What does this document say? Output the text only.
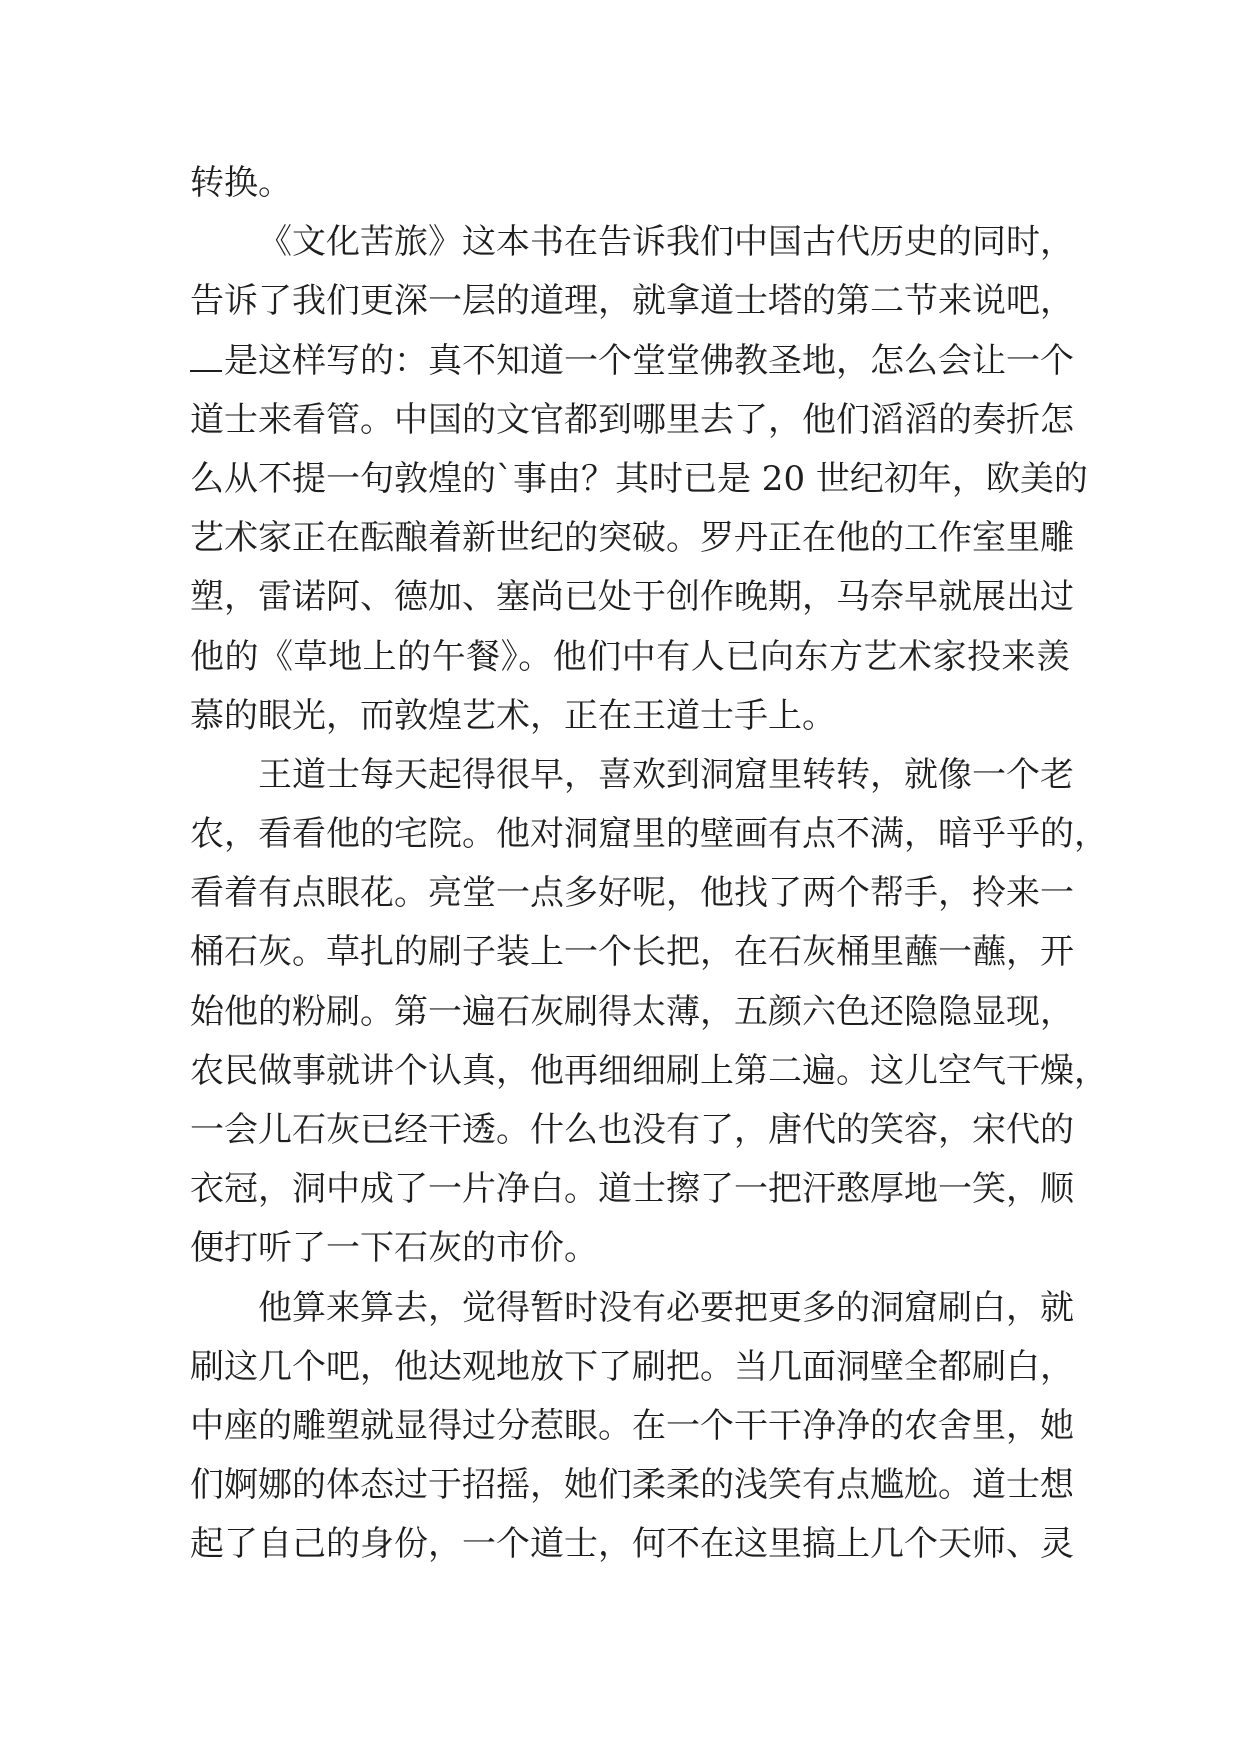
转换。
《文化苦旅》这本书在告诉我们中国古代历史的同时，
告诉了我们更深一层的道理，就拿道士塔的第二节来说吧，
是这样写的：真不知道一个堂堂佛教圣地，怎么会让一个
道士来看管。中国的文官都到哪里去了，他们滔滔的奏折怎
么从不提一句敦煌的`事由？其时已是 20 世纪初年，欧美的
艺术家正在酝酿着新世纪的突破。罗丹正在他的工作室里雕
塑，雷诺阿、德加、塞尚已处于创作晚期，马奈早就展出过
他的《草地上的午餐》。他们中有人已向东方艺术家投来羡
慕的眼光，而敦煌艺术，正在王道士手上。
王道士每天起得很早，喜欢到洞窟里转转，就像一个老
农，看看他的宅院。他对洞窟里的壁画有点不满，暗乎乎的，
看着有点眼花。亮堂一点多好呢，他找了两个帮手，拎来一
桶石灰。草扎的刷子装上一个长把，在石灰桶里蘸一蘸，开
始他的粉刷。第一遍石灰刷得太薄，五颜六色还隐隐显现，
农民做事就讲个认真，他再细细刷上第二遍。这儿空气干燥，
一会儿石灰已经干透。什么也没有了，唐代的笑容，宋代的
衣冠，洞中成了一片净白。道士擦了一把汗憨厚地一笑，顺
便打听了一下石灰的市价。
他算来算去，觉得暂时没有必要把更多的洞窟刷白，就
刷这几个吧，他达观地放下了刷把。当几面洞壁全都刷白，
中座的雕塑就显得过分惹眼。在一个干干净净的农舍里，她
们婀娜的体态过于招摇，她们柔柔的浅笑有点尴尬。道士想
起了自己的身份，一个道士，何不在这里搞上几个天师、灵
